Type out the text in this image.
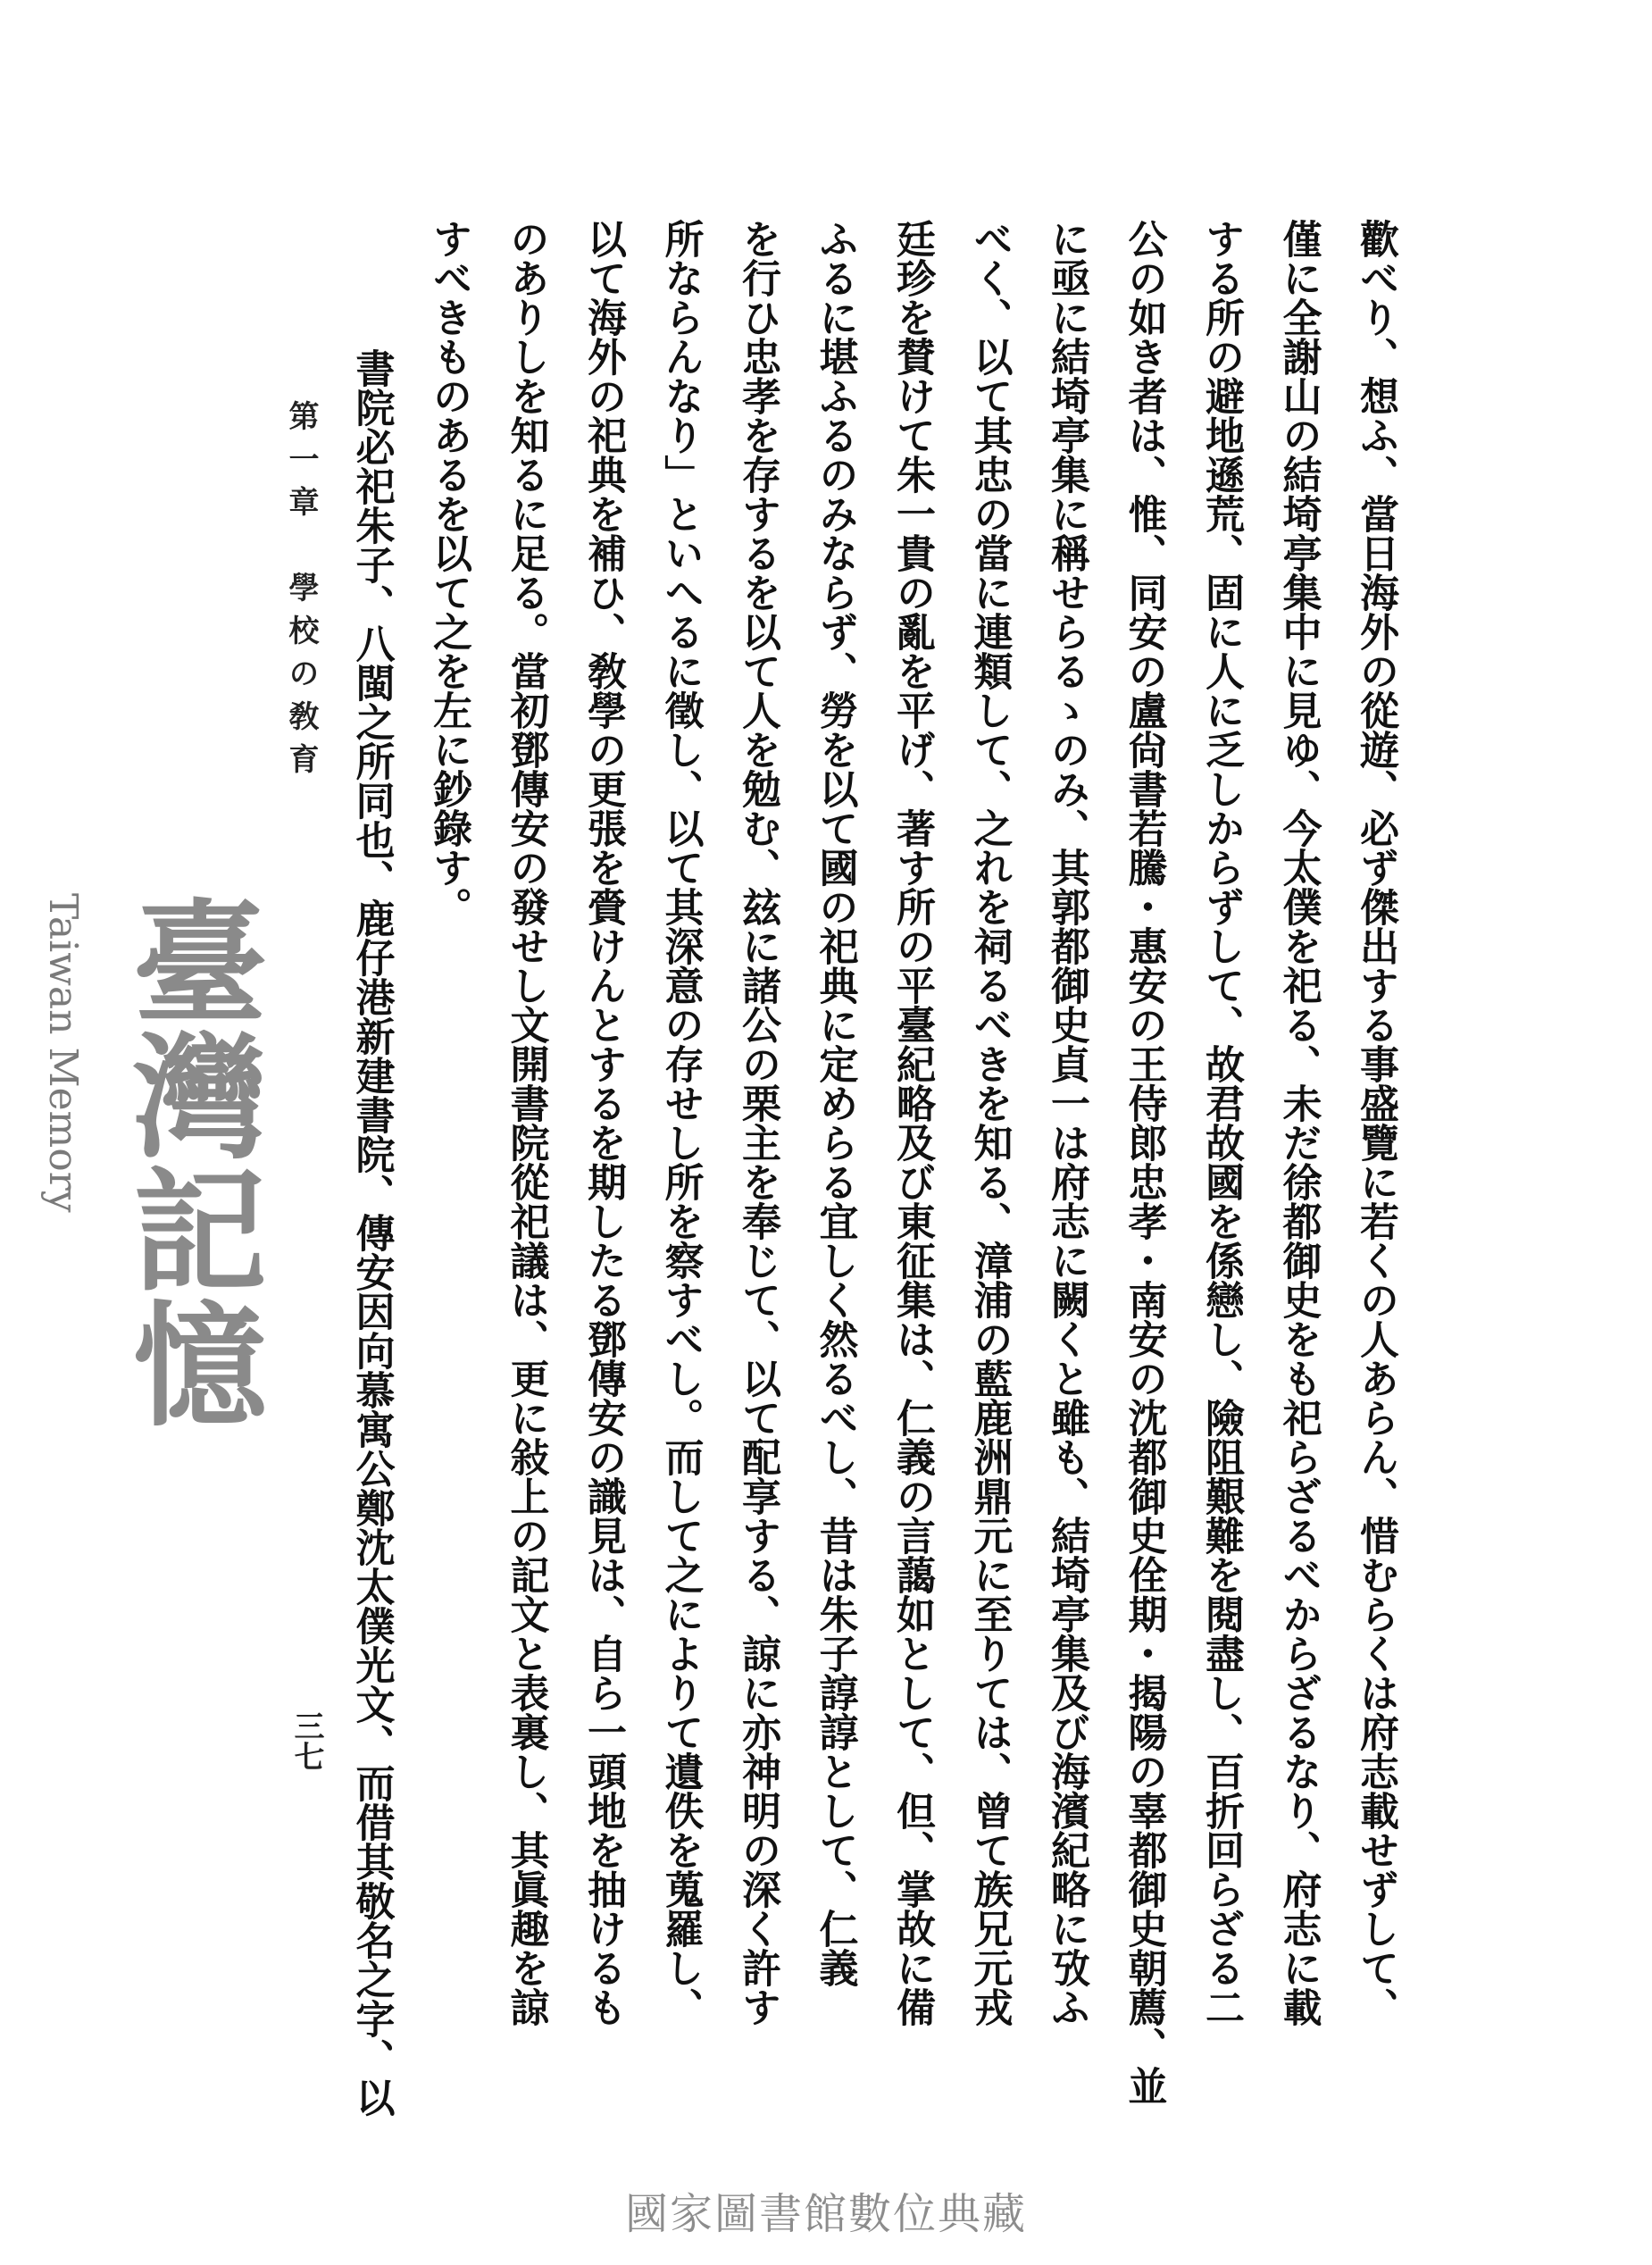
歡べり、想ふ、當日海外の從遊、必ず傑出する事盛覽に若くの人あらん、惜むらくは府志載せずして、
僅に全謝山の結埼亭集中に見ゆ、今太僕を祀る、未だ徐都御史をも祀らざるべからざるなり、府志に載
する所の避地遜荒、固に人に乏しからずして、故君故國を係戀し、險阻艱難を閱盡し、百折回らざる二
公の如き者は、惟、同安の盧尙書若騰・惠安の王侍郎忠孝・南安の沈都御史佺期・揭陽の辜都御史朝薦、並
に亟に結埼亭集に稱せらるゝのみ、其郭都御史貞一は府志に闕くと雖も、結埼亭集及び海濱紀略に攷ふ
べく、以て其忠の當に連類して、之れを祠るべきを知る、漳浦の藍鹿洲鼎元に至りては、曾て族兄元戎
廷珍を賛けて朱一貴の亂を平げ、著す所の平臺紀略及び東征集は、仁義の言藹如として、但、掌故に備
ふるに堪ふるのみならず、勞を以て國の祀典に定めらる宜しく然るべし、昔は朱子諄諄として、仁義
を行ひ忠孝を存するを以て人を勉む、玆に諸公の栗主を奉じて、以て配享する、諒に亦神明の深く許す
所ならんなり」といへるに徵し、以て其深意の存せし所を察すべし。而して之によりて遺佚を蒐羅し、
以て海外の祀典を補ひ、敎學の更張を賫けんとするを期したる鄧傳安の識見は、自ら一頭地を抽けるも
のありしを知るに足る。當初鄧傳安の發せし文開書院從祀議は、更に敍上の記文と表裏し、其眞趣を諒
すべきものあるを以て之を左に鈔錄す。
書院必祀朱子、八閩之所同也、鹿仔港新建書院、傳安因向慕寓公鄭沈太僕光文、而借其敬名之字、以
第一章　學校の敎育
三七
臺灣記憶
Taiwan Memory
國家圖書館數位典藏
